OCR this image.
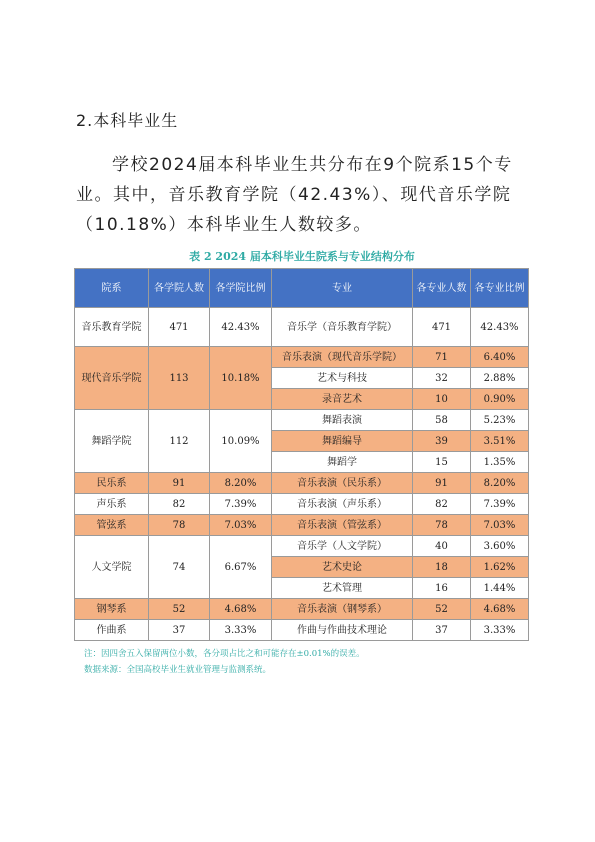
2.本科毕业生
学校2024届本科毕业生共分布在9个院系15个专业。其中，音乐教育学院（42.43%）、现代音乐学院（10.18%）本科毕业生人数较多。
表 2 2024 届本科毕业生院系与专业结构分布
院系	各学院人数	各学院比例	专业	各专业人数	各专业比例
音乐教育学院	471	42.43%	音乐学（音乐教育学院）	471	42.43%
现代音乐学院	113	10.18%	音乐表演（现代音乐学院）	71	6.40%
			艺术与科技	32	2.88%
			录音艺术	10	0.90%
舞蹈学院	112	10.09%	舞蹈表演	58	5.23%
			舞蹈编导	39	3.51%
			舞蹈学	15	1.35%
民乐系	91	8.20%	音乐表演（民乐系）	91	8.20%
声乐系	82	7.39%	音乐表演（声乐系）	82	7.39%
管弦系	78	7.03%	音乐表演（管弦系）	78	7.03%
人文学院	74	6.67%	音乐学（人文学院）	40	3.60%
			艺术史论	18	1.62%
			艺术管理	16	1.44%
钢琴系	52	4.68%	音乐表演（钢琴系）	52	4.68%
作曲系	37	3.33%	作曲与作曲技术理论	37	3.33%
注：因四舍五入保留两位小数，各分项占比之和可能存在±0.01%的误差。
数据来源：全国高校毕业生就业管理与监测系统。
